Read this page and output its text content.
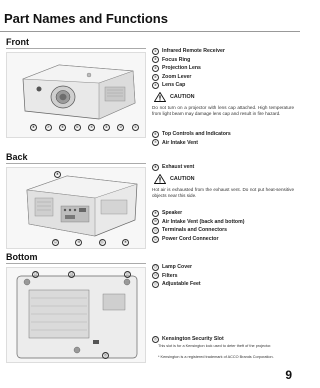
Part Names and Functions
Front
⑧	⑦	⑥	⑤	④	③	②	①
① Infrared Remote Receiver
② Focus Ring
③ Projection Lens
④ Zoom Lever
⑤ Lens Cap
CAUTION
Do not turn on a projector with lens cap attached. High temperature from light beam may damage lens cap and result in fire hazard.
⑥ Top Controls and Indicators
⑦ Air Intake Vent
Back
⑫	⑩	⑪	⑨
⑧
⑧ Exhaust vent
CAUTION
Hot air is exhausted from the exhaust vent. Do not put heat-sensitive objects near this side.
⑨ Speaker
⑩ Air Intake Vent (back and bottom)
⑪ Terminals and Connectors
⑫ Power Cord Connector
Bottom
⑬	⑭	⑮
⑯
⑬ Lamp Cover
⑭ Filters
⑮ Adjustable Feet
⑯ Kensington Security Slot
This slot is for a Kensington lock used to deter theft of the projector.
* Kensington is a registered trademark of ACCO Brands Corporation.
9
